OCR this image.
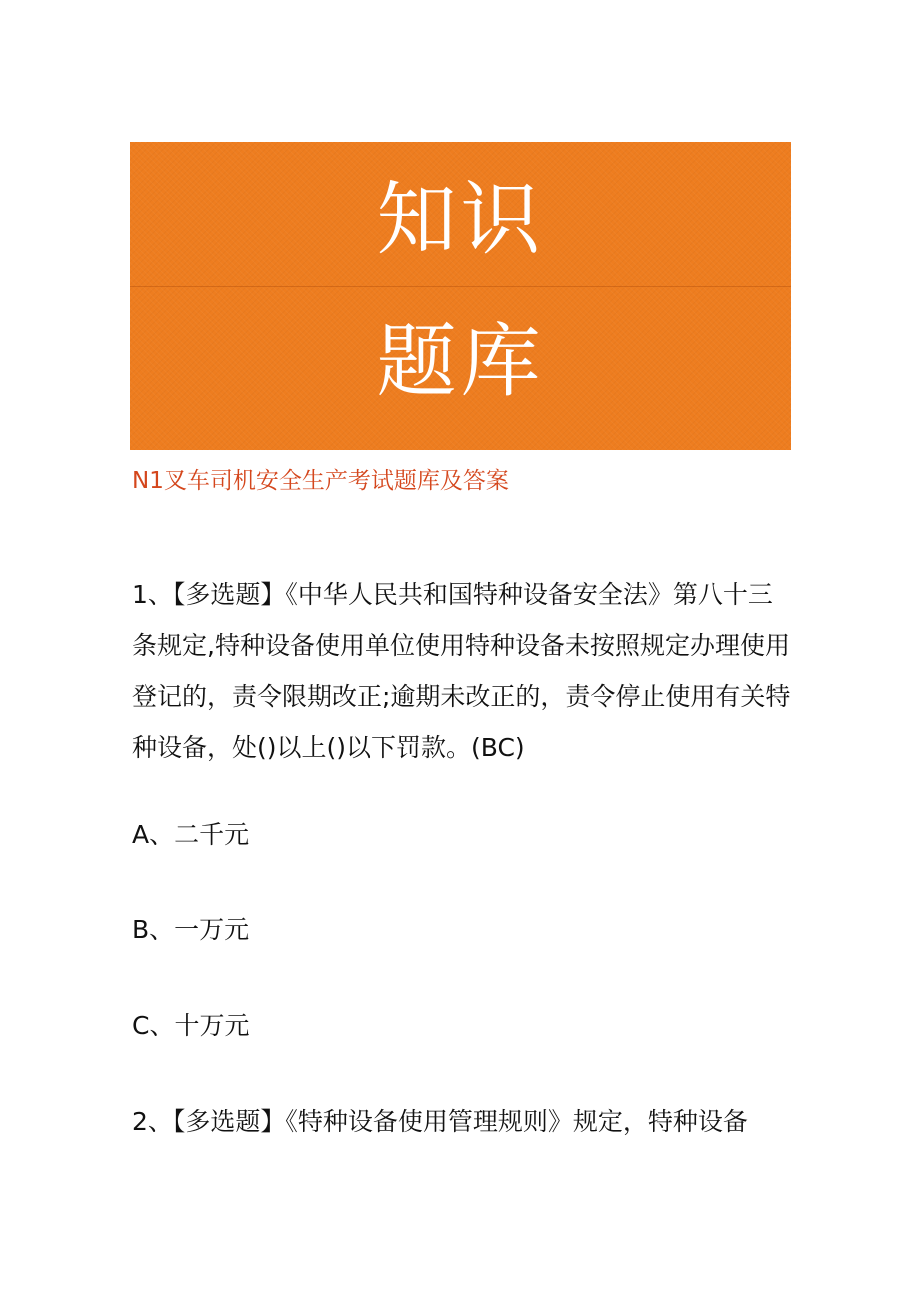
知识
题库
N1叉车司机安全生产考试题库及答案
1、【多选题】《中华人民共和国特种设备安全法》第八十三
条规定,特种设备使用单位使用特种设备未按照规定办理使用
登记的，责令限期改正;逾期未改正的，责令停止使用有关特
种设备，处()以上()以下罚款。(BC)
A、二千元
B、一万元
C、十万元
2、【多选题】《特种设备使用管理规则》规定，特种设备
